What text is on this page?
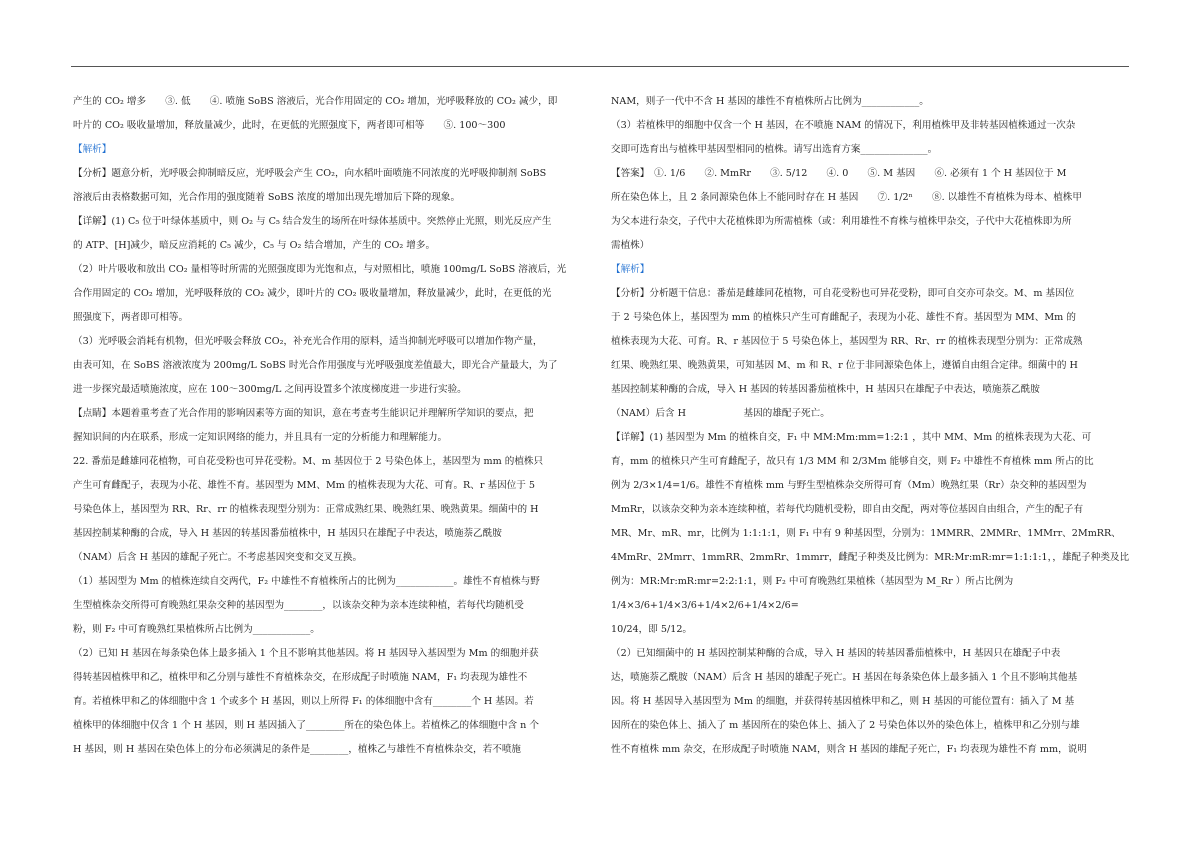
产生的 CO₂ 增多　　③. 低　　④. 喷施 SoBS 溶液后，光合作用固定的 CO₂ 增加，光呼吸释放的 CO₂ 减少，即
叶片的 CO₂ 吸收量增加，释放量减少，此时，在更低的光照强度下，两者即可相等　　⑤. 100～300
【解析】
【分析】题意分析，光呼吸会抑制暗反应，光呼吸会产生 CO₂，向水稻叶面喷施不同浓度的光呼吸抑制剂 SoBS
溶液后由表格数据可知，光合作用的强度随着 SoBS 浓度的增加出现先增加后下降的现象。
【详解】(1) C₅ 位于叶绿体基质中，则 O₂ 与 C₅ 结合发生的场所在叶绿体基质中。突然停止光照，则光反应产生
的 ATP、[H]减少，暗反应消耗的 C₅ 减少，C₅ 与 O₂ 结合增加，产生的 CO₂ 增多。
（2）叶片吸收和放出 CO₂ 量相等时所需的光照强度即为光饱和点，与对照相比，喷施 100mg/L SoBS 溶液后，光
合作用固定的 CO₂ 增加，光呼吸释放的 CO₂ 减少，即叶片的 CO₂ 吸收量增加，释放量减少，此时，在更低的光
照强度下，两者即可相等。
（3）光呼吸会消耗有机物，但光呼吸会释放 CO₂，补充光合作用的原料，适当抑制光呼吸可以增加作物产量，
由表可知，在 SoBS 溶液浓度为 200mg/L SoBS 时光合作用强度与光呼吸强度差值最大，即光合产量最大，为了
进一步探究最适喷施浓度，应在 100～300mg/L 之间再设置多个浓度梯度进一步进行实验。
【点睛】本题着重考查了光合作用的影响因素等方面的知识，意在考查考生能识记并理解所学知识的要点，把
握知识间的内在联系，形成一定知识网络的能力，并且具有一定的分析能力和理解能力。
22. 番茄是雌雄同花植物，可自花受粉也可异花受粉。M、m 基因位于 2 号染色体上，基因型为 mm 的植株只
产生可育雌配子，表现为小花、雄性不育。基因型为 MM、Mm 的植株表现为大花、可育。R、r 基因位于 5
号染色体上，基因型为 RR、Rr、rr 的植株表现型分别为：正常成熟红果、晚熟红果、晚熟黄果。细菌中的 H
基因控制某种酶的合成，导入 H 基因的转基因番茄植株中，H 基因只在雄配子中表达，喷施萘乙酰胺
（NAM）后含 H 基因的雄配子死亡。不考虑基因突变和交叉互换。
（1）基因型为 Mm 的植株连续自交两代，F₂ 中雄性不育植株所占的比例为____________。雄性不育植株与野
生型植株杂交所得可育晚熟红果杂交种的基因型为________，以该杂交种为亲本连续种植，若每代均随机受
粉，则 F₂ 中可育晚熟红果植株所占比例为____________。
（2）已知 H 基因在每条染色体上最多插入 1 个且不影响其他基因。将 H 基因导入基因型为 Mm 的细胞并获
得转基因植株甲和乙，植株甲和乙分别与雄性不育植株杂交，在形成配子时喷施 NAM，F₁ 均表现为雄性不
育。若植株甲和乙的体细胞中含 1 个或多个 H 基因，则以上所得 F₁ 的体细胞中含有________个 H 基因。若
植株甲的体细胞中仅含 1 个 H 基因，则 H 基因插入了________所在的染色体上。若植株乙的体细胞中含 n 个
H 基因，则 H 基因在染色体上的分布必须满足的条件是________，植株乙与雄性不育植株杂交，若不喷施
NAM，则子一代中不含 H 基因的雄性不育植株所占比例为____________。
（3）若植株甲的细胞中仅含一个 H 基因，在不喷施 NAM 的情况下，利用植株甲及非转基因植株通过一次杂
交即可选育出与植株甲基因型相同的植株。请写出选育方案______________。
【答案】　①. 1/6　　②. MmRr　　③. 5/12　　④. 0　　⑤. M 基因　　⑥. 必须有 1 个 H 基因位于 M
所在染色体上，且 2 条同源染色体上不能同时存在 H 基因　　⑦. 1/2ⁿ　　⑧. 以雄性不育植株为母本、植株甲
为父本进行杂交，子代中大花植株即为所需植株（或：利用雄性不育株与植株甲杂交，子代中大花植株即为所
需植株）
【解析】
【分析】分析题干信息：番茄是雌雄同花植物，可自花受粉也可异花受粉，即可自交亦可杂交。M、m 基因位
于 2 号染色体上，基因型为 mm 的植株只产生可育雌配子，表现为小花、雄性不育。基因型为 MM、Mm 的
植株表现为大花、可育。R、r 基因位于 5 号染色体上，基因型为 RR、Rr、rr 的植株表现型分别为：正常成熟
红果、晚熟红果、晚熟黄果，可知基因 M、m 和 R、r 位于非同源染色体上，遵循自由组合定律。细菌中的 H
基因控制某种酶的合成，导入 H 基因的转基因番茄植株中，H 基因只在雄配子中表达，喷施萘乙酰胺
（NAM）后含 H　　　　　　基因的雄配子死亡。
【详解】(1) 基因型为 Mm 的植株自交，F₁ 中 MM:Mm:mm=1:2:1 ，其中 MM、Mm 的植株表现为大花、可
育，mm 的植株只产生可育雌配子，故只有 1/3 MM 和 2/3Mm 能够自交，则 F₂ 中雄性不育植株 mm 所占的比
例为 2/3×1/4=1/6。雄性不育植株 mm 与野生型植株杂交所得可育（Mm）晚熟红果（Rr）杂交种的基因型为
MmRr，以该杂交种为亲本连续种植，若每代均随机受粉，即自由交配，两对等位基因自由组合，产生的配子有
MR、Mr、mR、mr，比例为 1:1:1:1，则 F₁ 中有 9 种基因型，分别为：1MMRR、2MMRr、1MMrr、2MmRR、
4MmRr、2Mmrr、1mmRR、2mmRr、1mmrr，雌配子种类及比例为：MR:Mr:mR:mr=1:1:1:1，，雄配子种类及比
例为：MR:Mr:mR:mr=2:2:1:1，则 F₂ 中可育晚熟红果植株（基因型为 M_Rr ）所占比例为
1/4×3/6+1/4×3/6+1/4×2/6+1/4×2/6=
10/24，即 5/12。
（2）已知细菌中的 H 基因控制某种酶的合成，导入 H 基因的转基因番茄植株中，H 基因只在雄配子中表
达，喷施萘乙酰胺（NAM）后含 H 基因的雄配子死亡。H 基因在每条染色体上最多插入 1 个且不影响其他基
因。将 H 基因导入基因型为 Mm 的细胞，并获得转基因植株甲和乙，则 H 基因的可能位置有：插入了 M 基
因所在的染色体上、插入了 m 基因所在的染色体上、插入了 2 号染色体以外的染色体上，植株甲和乙分别与雄
性不育植株 mm 杂交，在形成配子时喷施 NAM，则含 H 基因的雄配子死亡，F₁ 均表现为雄性不育 mm，说明
